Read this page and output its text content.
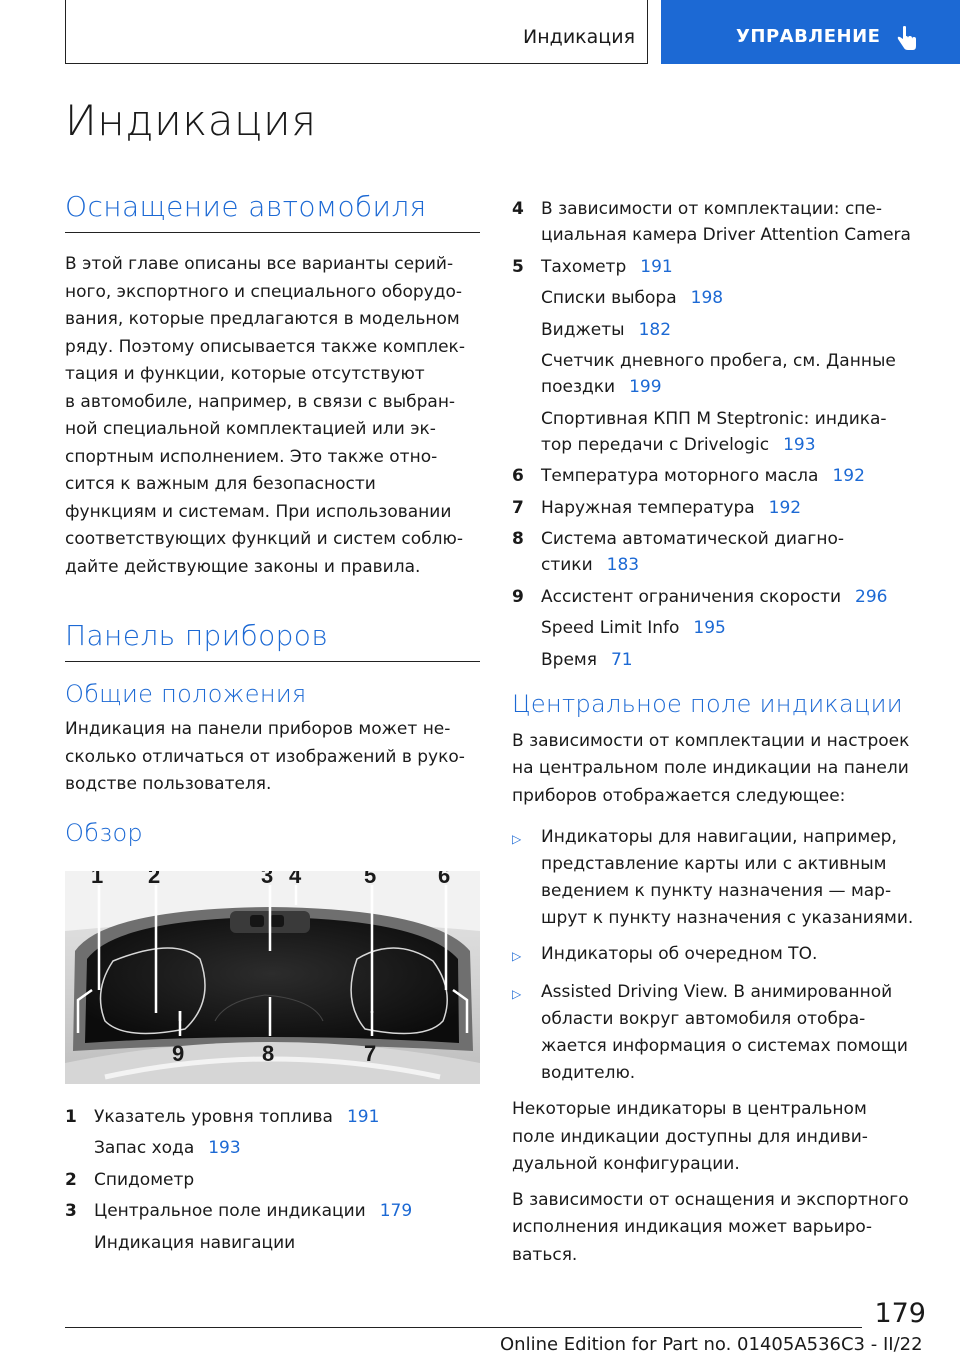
Индикация	УПРАВЛЕНИЕ
Индикация
Оснащение автомобиля
В этой главе описаны все варианты серий-
ного, экспортного и специального оборудо-
вания, которые предлагаются в модельном
ряду. Поэтому описывается также комплек-
тация и функции, которые отсутствуют
в автомобиле, например, в связи с выбран-
ной специальной комплектацией или эк-
спортным исполнением. Это также отно-
сится к важным для безопасности
функциям и системам. При использовании
соответствующих функций и систем соблю-
дайте действующие законы и правила.
Панель приборов
Общие положения
Индикация на панели приборов может не-
сколько отличаться от изображений в руко-
водстве пользователя.
Обзор
1 2	3 4	5	6
9	8	7
1	Указатель уровня топлива 191
Запас хода 193
2	Спидометр
3	Центральное поле индикации 179
Индикация навигации
4	В зависимости от комплектации: спе-
циальная камера Driver Attention Camera
5	Тахометр 191
Списки выбора 198
Виджеты 182
Счетчик дневного пробега, см. Данные
поездки 199
Спортивная КПП M Steptronic: индика-
тор передачи с Drivelogic 193
6	Температура моторного масла 192
7	Наружная температура 192
8	Система автоматической диагно-
стики 183
9	Ассистент ограничения скорости 296
Speed Limit Info 195
Время 71
Центральное поле индикации
В зависимости от комплектации и настроек
на центральном поле индикации на панели
приборов отображается следующее:
▷	Индикаторы для навигации, например,
представление карты или с активным
ведением к пункту назначения — мар-
шрут к пункту назначения с указаниями.
▷	Индикаторы об очередном ТО.
▷	Assisted Driving View. В анимированной
области вокруг автомобиля отобра-
жается информация о системах помощи
водителю.
Некоторые индикаторы в центральном
поле индикации доступны для индиви-
дуальной конфигурации.
В зависимости от оснащения и экспортного
исполнения индикация может варьиро-
ваться.
179
Online Edition for Part no. 01405A536C3 - II/22
